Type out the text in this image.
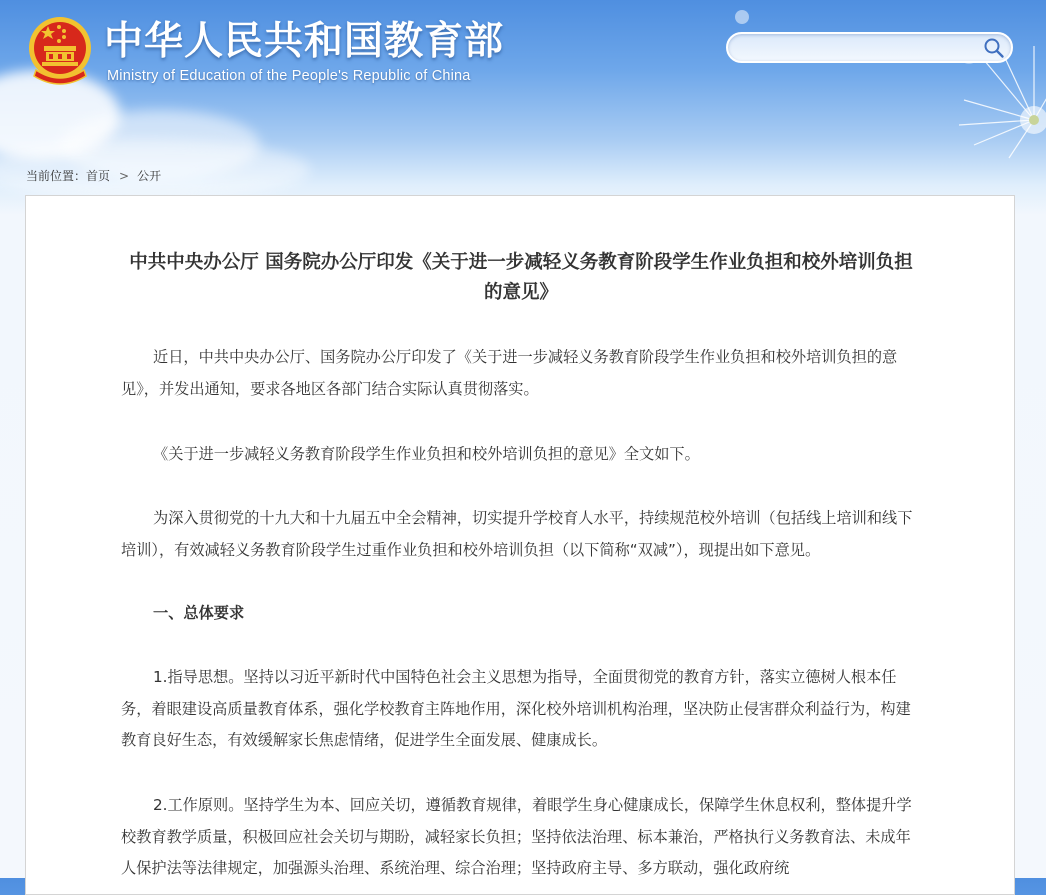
中华人民共和国教育部
Ministry of Education of the People's Republic of China
当前位置：首页 > 公开
中共中央办公厅 国务院办公厅印发《关于进一步减轻义务教育阶段学生作业负担和校外培训负担的意见》

近日，中共中央办公厅、国务院办公厅印发了《关于进一步减轻义务教育阶段学生作业负担和校外培训负担的意见》，并发出通知，要求各地区各部门结合实际认真贯彻落实。

《关于进一步减轻义务教育阶段学生作业负担和校外培训负担的意见》全文如下。

为深入贯彻党的十九大和十九届五中全会精神，切实提升学校育人水平，持续规范校外培训（包括线上培训和线下培训），有效减轻义务教育阶段学生过重作业负担和校外培训负担（以下简称“双减”），现提出如下意见。

一、总体要求

1.指导思想。坚持以习近平新时代中国特色社会主义思想为指导，全面贯彻党的教育方针，落实立德树人根本任务，着眼建设高质量教育体系，强化学校教育主阵地作用，深化校外培训机构治理，坚决防止侵害群众利益行为，构建教育良好生态，有效缓解家长焦虑情绪，促进学生全面发展、健康成长。

2.工作原则。坚持学生为本、回应关切，遵循教育规律，着眼学生身心健康成长，保障学生休息权利，整体提升学校教育教学质量，积极回应社会关切与期盼，减轻家长负担；坚持依法治理、标本兼治，严格执行义务教育法、未成年人保护法等法律规定，加强源头治理、系统治理、综合治理；坚持政府主导、多方联动，强化政府统
